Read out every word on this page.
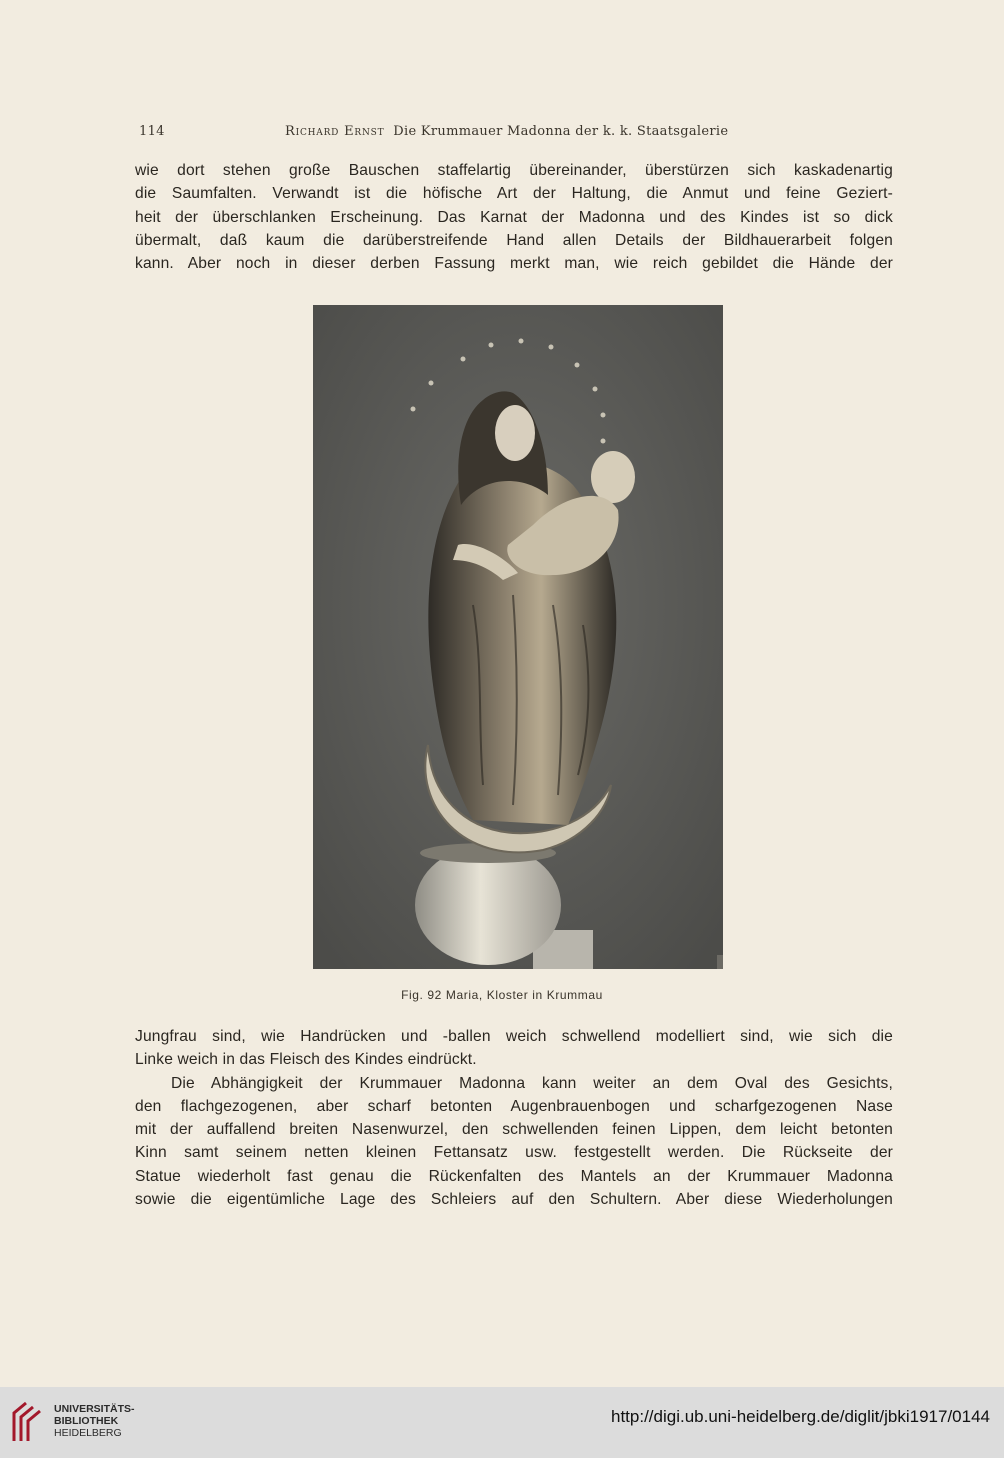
114	Richard Ernst Die Krummauer Madonna der k. k. Staatsgalerie
wie dort stehen große Bauschen staffelartig übereinander, überstürzen sich kaskadenartig
die Saumfalten. Verwandt ist die höfische Art der Haltung, die Anmut und feine Geziert-
heit der überschlanken Erscheinung. Das Karnat der Madonna und des Kindes ist so dick
übermalt, daß kaum die darüberstreifende Hand allen Details der Bildhauerarbeit folgen
kann. Aber noch in dieser derben Fassung merkt man, wie reich gebildet die Hände der
Fig. 92 Maria, Kloster in Krummau
Jungfrau sind, wie Handrücken und -ballen weich schwellend modelliert sind, wie sich die
Linke weich in das Fleisch des Kindes eindrückt.
Die Abhängigkeit der Krummauer Madonna kann weiter an dem Oval des Gesichts,
den flachgezogenen, aber scharf betonten Augenbrauenbogen und scharfgezogenen Nase
mit der auffallend breiten Nasenwurzel, den schwellenden feinen Lippen, dem leicht betonten
Kinn samt seinem netten kleinen Fettansatz usw. festgestellt werden. Die Rückseite der
Statue wiederholt fast genau die Rückenfalten des Mantels an der Krummauer Madonna
sowie die eigentümliche Lage des Schleiers auf den Schultern. Aber diese Wiederholungen
UNIVERSITÄTS-
BIBLIOTHEK
HEIDELBERG
http://digi.ub.uni-heidelberg.de/diglit/jbki1917/0144
